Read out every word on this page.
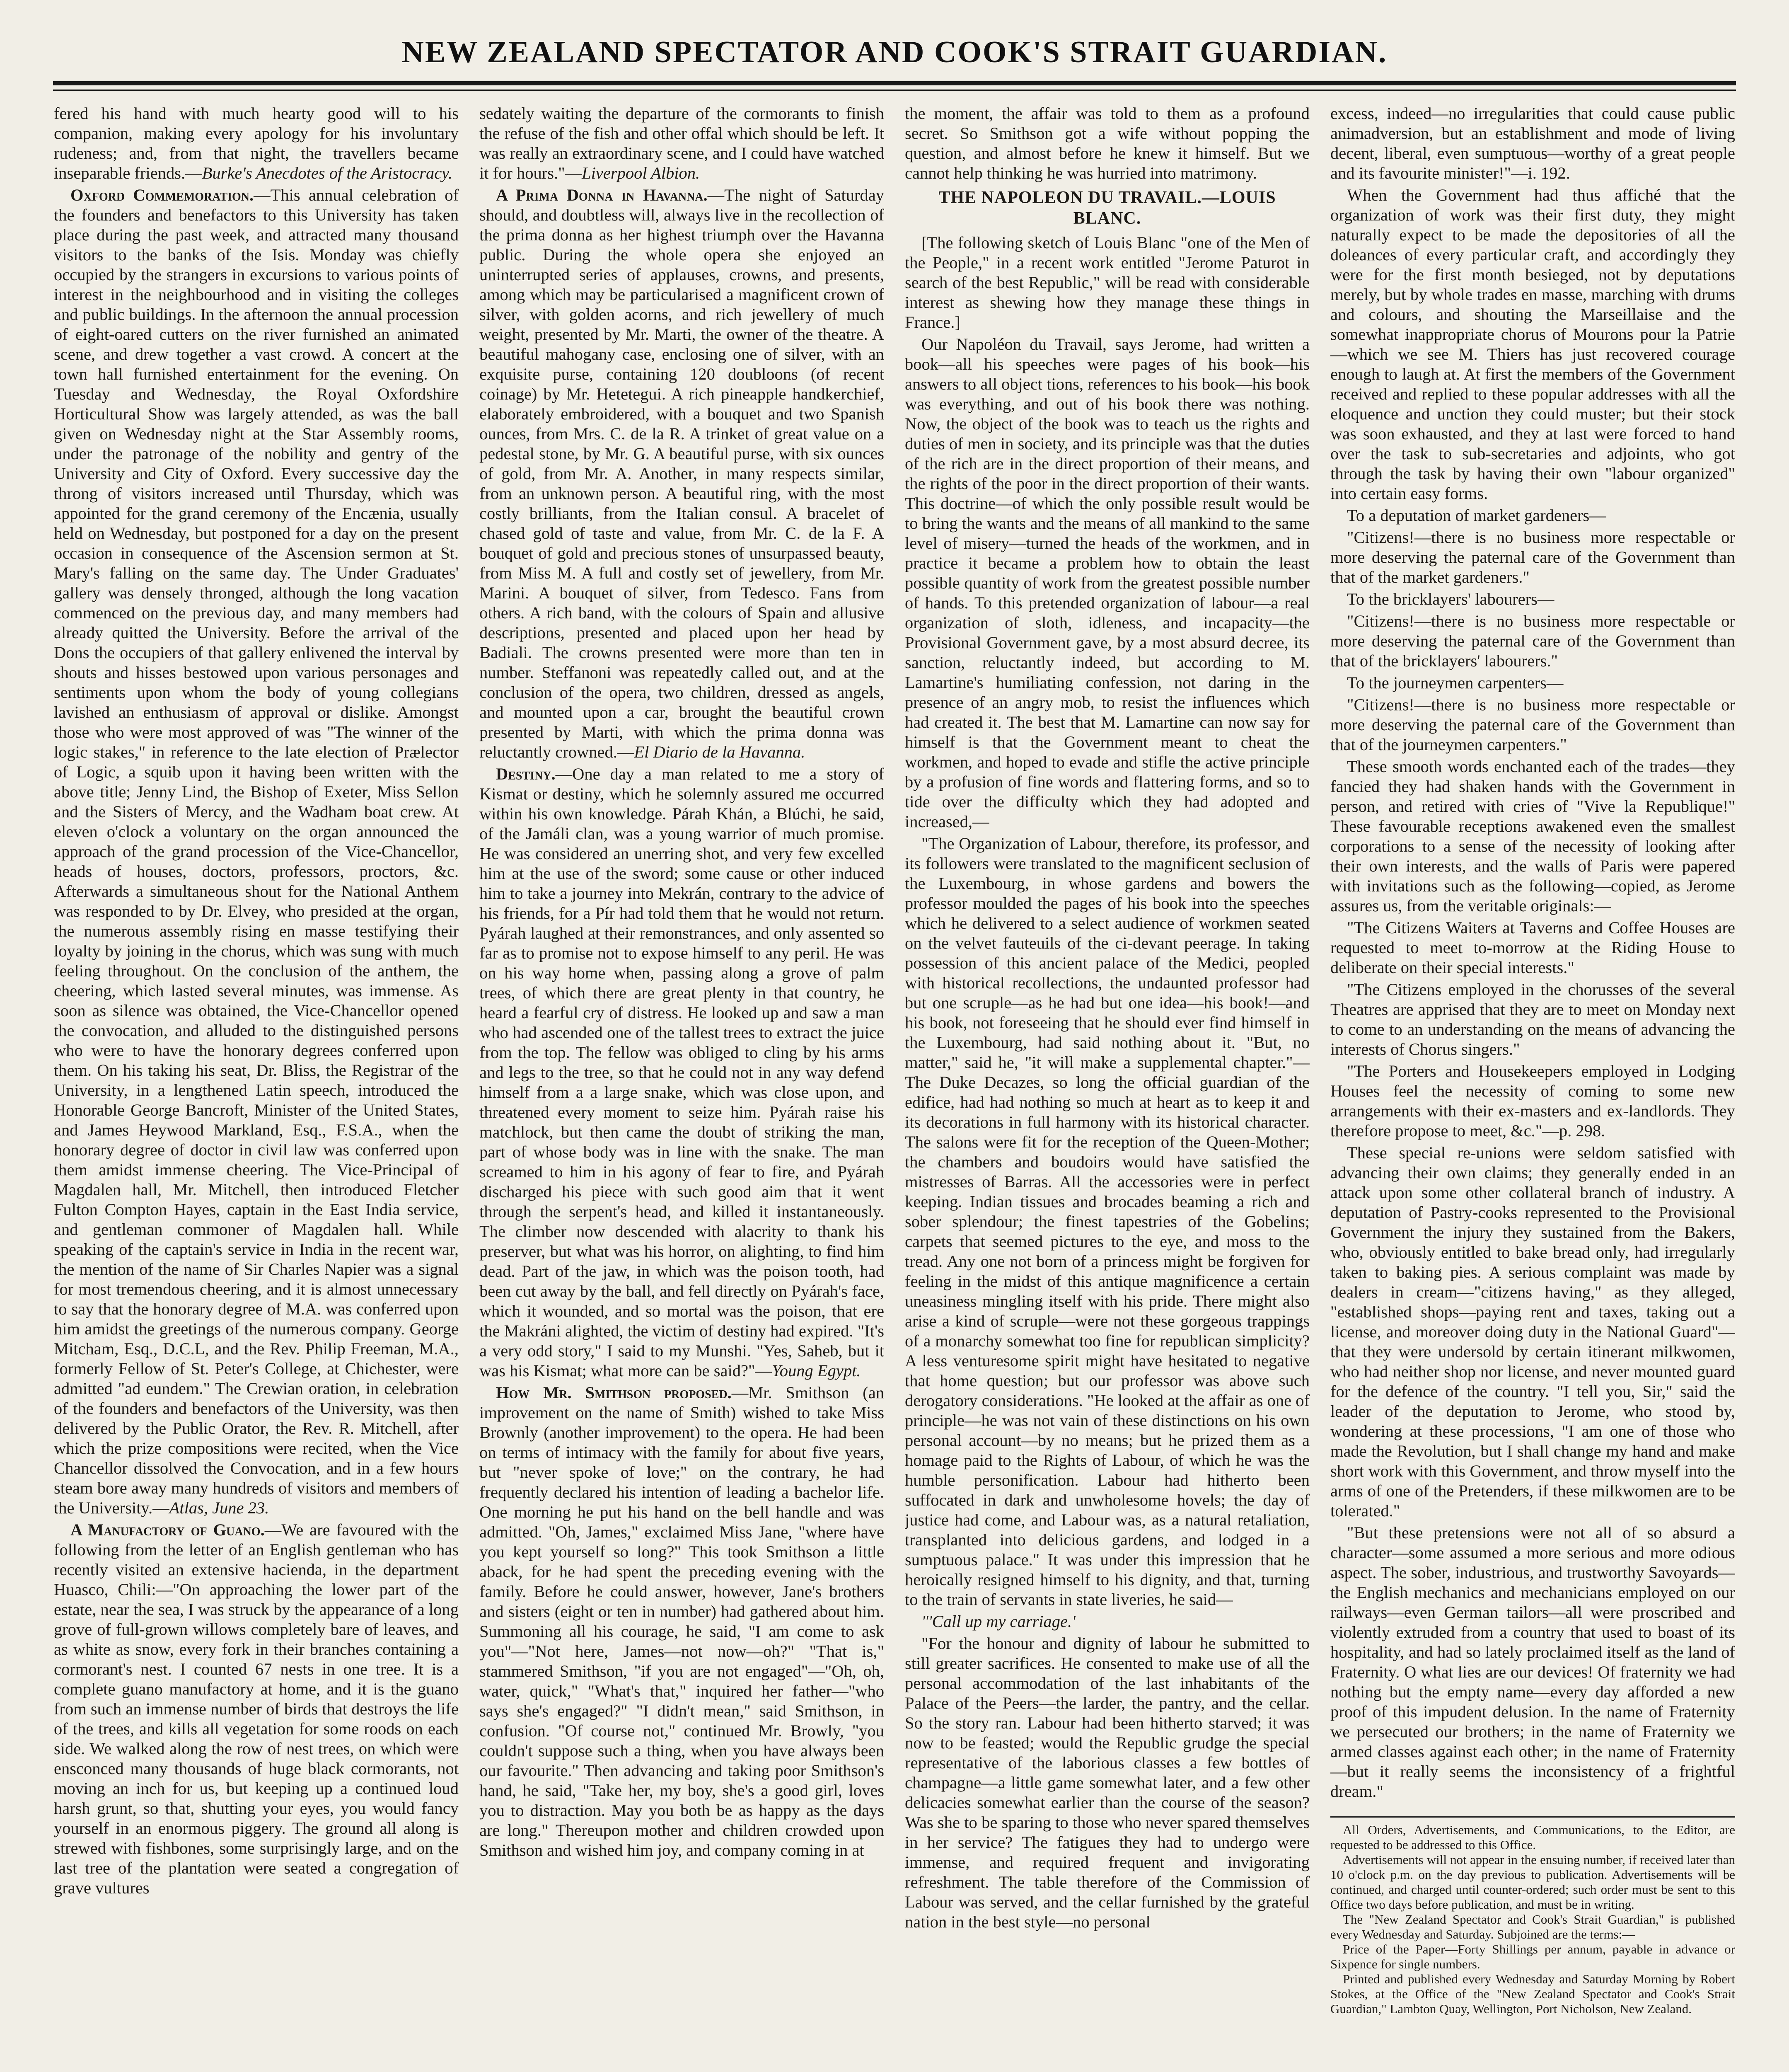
NEW ZEALAND SPECTATOR AND COOK'S STRAIT GUARDIAN.

fered his hand with much hearty good will to his companion, making every apology for his involuntary rudeness; and, from that night, the travellers became inseparable friends.—Burke's Anecdotes of the Aristocracy.

Oxford Commemoration.—This annual celebration of the founders and benefactors to this University has taken place during the past week, and attracted many thousand visitors to the banks of the Isis. Monday was chiefly occupied by the strangers in excursions to various points of interest in the neighbourhood and in visiting the colleges and public buildings. In the afternoon the annual procession of eight-oared cutters on the river furnished an animated scene, and drew together a vast crowd. A concert at the town hall furnished entertainment for the evening. On Tuesday and Wednesday, the Royal Oxfordshire Horticultural Show was largely attended, as was the ball given on Wednesday night at the Star Assembly rooms, under the patronage of the nobility and gentry of the University and City of Oxford. Every successive day the throng of visitors increased until Thursday, which was appointed for the grand ceremony of the Encænia, usually held on Wednesday, but postponed for a day on the present occasion in consequence of the Ascension sermon at St. Mary's falling on the same day. The Under Graduates' gallery was densely thronged, although the long vacation commenced on the previous day, and many members had already quitted the University. Before the arrival of the Dons the occupiers of that gallery enlivened the interval by shouts and hisses bestowed upon various personages and sentiments upon whom the body of young collegians lavished an enthusiasm of approval or dislike. Amongst those who were most approved of was "The winner of the logic stakes," in reference to the late election of Prælector of Logic, a squib upon it having been written with the above title; Jenny Lind, the Bishop of Exeter, Miss Sellon and the Sisters of Mercy, and the Wadham boat crew. At eleven o'clock a voluntary on the organ announced the approach of the grand procession of the Vice-Chancellor, heads of houses, doctors, professors, proctors, &c. Afterwards a simultaneous shout for the National Anthem was responded to by Dr. Elvey, who presided at the organ, the numerous assembly rising en masse testifying their loyalty by joining in the chorus, which was sung with much feeling throughout. On the conclusion of the anthem, the cheering, which lasted several minutes, was immense. As soon as silence was obtained, the Vice-Chancellor opened the convocation, and alluded to the distinguished persons who were to have the honorary degrees conferred upon them. On his taking his seat, Dr. Bliss, the Registrar of the University, in a lengthened Latin speech, introduced the Honorable George Bancroft, Minister of the United States, and James Heywood Markland, Esq., F.S.A., when the honorary degree of doctor in civil law was conferred upon them amidst immense cheering. The Vice-Principal of Magdalen hall, Mr. Mitchell, then introduced Fletcher Fulton Compton Hayes, captain in the East India service, and gentleman commoner of Magdalen hall. While speaking of the captain's service in India in the recent war, the mention of the name of Sir Charles Napier was a signal for most tremendous cheering, and it is almost unnecessary to say that the honorary degree of M.A. was conferred upon him amidst the greetings of the numerous company. George Mitcham, Esq., D.C.L, and the Rev. Philip Freeman, M.A., formerly Fellow of St. Peter's College, at Chichester, were admitted "ad eundem." The Crewian oration, in celebration of the founders and benefactors of the University, was then delivered by the Public Orator, the Rev. R. Mitchell, after which the prize compositions were recited, when the Vice Chancellor dissolved the Convocation, and in a few hours steam bore away many hundreds of visitors and members of the University.—Atlas, June 23.

A Manufactory of Guano.—We are favoured with the following from the letter of an English gentleman who has recently visited an extensive hacienda, in the department Huasco, Chili:—"On approaching the lower part of the estate, near the sea, I was struck by the appearance of a long grove of full-grown willows completely bare of leaves, and as white as snow, every fork in their branches containing a cormorant's nest. I counted 67 nests in one tree. It is a complete guano manufactory at home, and it is the guano from such an immense number of birds that destroys the life of the trees, and kills all vegetation for some roods on each side. We walked along the row of nest trees, on which were ensconced many thousands of huge black cormorants, not moving an inch for us, but keeping up a continued loud harsh grunt, so that, shutting your eyes, you would fancy yourself in an enormous piggery. The ground all along is strewed with fishbones, some surprisingly large, and on the last tree of the plantation were seated a congregation of grave vultures

sedately waiting the departure of the cormorants to finish the refuse of the fish and other offal which should be left. It was really an extraordinary scene, and I could have watched it for hours."—Liverpool Albion.

A Prima Donna in Havanna.—The night of Saturday should, and doubtless will, always live in the recollection of the prima donna as her highest triumph over the Havanna public. During the whole opera she enjoyed an uninterrupted series of applauses, crowns, and presents, among which may be particularised a magnificent crown of silver, with golden acorns, and rich jewellery of much weight, presented by Mr. Marti, the owner of the theatre. A beautiful mahogany case, enclosing one of silver, with an exquisite purse, containing 120 doubloons (of recent coinage) by Mr. Hetetegui. A rich pineapple handkerchief, elaborately embroidered, with a bouquet and two Spanish ounces, from Mrs. C. de la R. A trinket of great value on a pedestal stone, by Mr. G. A beautiful purse, with six ounces of gold, from Mr. A. Another, in many respects similar, from an unknown person. A beautiful ring, with the most costly brilliants, from the Italian consul. A bracelet of chased gold of taste and value, from Mr. C. de la F. A bouquet of gold and precious stones of unsurpassed beauty, from Miss M. A full and costly set of jewellery, from Mr. Marini. A bouquet of silver, from Tedesco. Fans from others. A rich band, with the colours of Spain and allusive descriptions, presented and placed upon her head by Badiali. The crowns presented were more than ten in number. Steffanoni was repeatedly called out, and at the conclusion of the opera, two children, dressed as angels, and mounted upon a car, brought the beautiful crown presented by Marti, with which the prima donna was reluctantly crowned.—El Diario de la Havanna.

Destiny.—One day a man related to me a story of Kismat or destiny, which he solemnly assured me occurred within his own knowledge. Párah Khán, a Blúchi, he said, of the Jamáli clan, was a young warrior of much promise. He was considered an unerring shot, and very few excelled him at the use of the sword; some cause or other induced him to take a journey into Mekrán, contrary to the advice of his friends, for a Pír had told them that he would not return. Pyárah laughed at their remonstrances, and only assented so far as to promise not to expose himself to any peril. He was on his way home when, passing along a grove of palm trees, of which there are great plenty in that country, he heard a fearful cry of distress. He looked up and saw a man who had ascended one of the tallest trees to extract the juice from the top. The fellow was obliged to cling by his arms and legs to the tree, so that he could not in any way defend himself from a a large snake, which was close upon, and threatened every moment to seize him. Pyárah raise his matchlock, but then came the doubt of striking the man, part of whose body was in line with the snake. The man screamed to him in his agony of fear to fire, and Pyárah discharged his piece with such good aim that it went through the serpent's head, and killed it instantaneously. The climber now descended with alacrity to thank his preserver, but what was his horror, on alighting, to find him dead. Part of the jaw, in which was the poison tooth, had been cut away by the ball, and fell directly on Pyárah's face, which it wounded, and so mortal was the poison, that ere the Makráni alighted, the victim of destiny had expired. "It's a very odd story," I said to my Munshi. "Yes, Saheb, but it was his Kismat; what more can be said?"—Young Egypt.

How Mr. Smithson proposed.—Mr. Smithson (an improvement on the name of Smith) wished to take Miss Brownly (another improvement) to the opera. He had been on terms of intimacy with the family for about five years, but "never spoke of love;" on the contrary, he had frequently declared his intention of leading a bachelor life. One morning he put his hand on the bell handle and was admitted. "Oh, James," exclaimed Miss Jane, "where have you kept yourself so long?" This took Smithson a little aback, for he had spent the preceding evening with the family. Before he could answer, however, Jane's brothers and sisters (eight or ten in number) had gathered about him. Summoning all his courage, he said, "I am come to ask you"—"Not here, James—not now—oh?" "That is," stammered Smithson, "if you are not engaged"—"Oh, oh, water, quick," "What's that," inquired her father—"who says she's engaged?" "I didn't mean," said Smithson, in confusion. "Of course not," continued Mr. Browly, "you couldn't suppose such a thing, when you have always been our favourite." Then advancing and taking poor Smithson's hand, he said, "Take her, my boy, she's a good girl, loves you to distraction. May you both be as happy as the days are long." Thereupon mother and children crowded upon Smithson and wished him joy, and company coming in at

the moment, the affair was told to them as a profound secret. So Smithson got a wife without popping the question, and almost before he knew it himself. But we cannot help thinking he was hurried into matrimony.

THE NAPOLEON DU TRAVAIL.—LOUIS BLANC.

[The following sketch of Louis Blanc "one of the Men of the People," in a recent work entitled "Jerome Paturot in search of the best Republic," will be read with considerable interest as shewing how they manage these things in France.]

Our Napoléon du Travail, says Jerome, had written a book—all his speeches were pages of his book—his answers to all object tions, references to his book—his book was everything, and out of his book there was nothing. Now, the object of the book was to teach us the rights and duties of men in society, and its principle was that the duties of the rich are in the direct proportion of their means, and the rights of the poor in the direct proportion of their wants. This doctrine—of which the only possible result would be to bring the wants and the means of all mankind to the same level of misery—turned the heads of the workmen, and in practice it became a problem how to obtain the least possible quantity of work from the greatest possible number of hands. To this pretended organization of labour—a real organization of sloth, idleness, and incapacity—the Provisional Government gave, by a most absurd decree, its sanction, reluctantly indeed, but according to M. Lamartine's humiliating confession, not daring in the presence of an angry mob, to resist the influences which had created it. The best that M. Lamartine can now say for himself is that the Government meant to cheat the workmen, and hoped to evade and stifle the active principle by a profusion of fine words and flattering forms, and so to tide over the difficulty which they had adopted and increased,—

"The Organization of Labour, therefore, its professor, and its followers were translated to the magnificent seclusion of the Luxembourg, in whose gardens and bowers the professor moulded the pages of his book into the speeches which he delivered to a select audience of workmen seated on the velvet fauteuils of the ci-devant peerage. In taking possession of this ancient palace of the Medici, peopled with historical recollections, the undaunted professor had but one scruple—as he had but one idea—his book!—and his book, not foreseeing that he should ever find himself in the Luxembourg, had said nothing about it. "But, no matter," said he, "it will make a supplemental chapter."—The Duke Decazes, so long the official guardian of the edifice, had had nothing so much at heart as to keep it and its decorations in full harmony with its historical character. The salons were fit for the reception of the Queen-Mother; the chambers and boudoirs would have satisfied the mistresses of Barras. All the accessories were in perfect keeping. Indian tissues and brocades beaming a rich and sober splendour; the finest tapestries of the Gobelins; carpets that seemed pictures to the eye, and moss to the tread. Any one not born of a princess might be forgiven for feeling in the midst of this antique magnificence a certain uneasiness mingling itself with his pride. There might also arise a kind of scruple—were not these gorgeous trappings of a monarchy somewhat too fine for republican simplicity? A less venturesome spirit might have hesitated to negative that home question; but our professor was above such derogatory considerations. "He looked at the affair as one of principle—he was not vain of these distinctions on his own personal account—by no means; but he prized them as a homage paid to the Rights of Labour, of which he was the humble personification. Labour had hitherto been suffocated in dark and unwholesome hovels; the day of justice had come, and Labour was, as a natural retaliation, transplanted into delicious gardens, and lodged in a sumptuous palace." It was under this impression that he heroically resigned himself to his dignity, and that, turning to the train of servants in state liveries, he said—

"'Call up my carriage.'

"For the honour and dignity of labour he submitted to still greater sacrifices. He consented to make use of all the personal accommodation of the last inhabitants of the Palace of the Peers—the larder, the pantry, and the cellar. So the story ran. Labour had been hitherto starved; it was now to be feasted; would the Republic grudge the special representative of the laborious classes a few bottles of champagne—a little game somewhat later, and a few other delicacies somewhat earlier than the course of the season? Was she to be sparing to those who never spared themselves in her service? The fatigues they had to undergo were immense, and required frequent and invigorating refreshment. The table therefore of the Commission of Labour was served, and the cellar furnished by the grateful nation in the best style—no personal

excess, indeed—no irregularities that could cause public animadversion, but an establishment and mode of living decent, liberal, even sumptuous—worthy of a great people and its favourite minister!"—i. 192.

When the Government had thus affiché that the organization of work was their first duty, they might naturally expect to be made the depositories of all the doleances of every particular craft, and accordingly they were for the first month besieged, not by deputations merely, but by whole trades en masse, marching with drums and colours, and shouting the Marseillaise and the somewhat inappropriate chorus of Mourons pour la Patrie—which we see M. Thiers has just recovered courage enough to laugh at. At first the members of the Government received and replied to these popular addresses with all the eloquence and unction they could muster; but their stock was soon exhausted, and they at last were forced to hand over the task to sub-secretaries and adjoints, who got through the task by having their own "labour organized" into certain easy forms.

To a deputation of market gardeners—

"Citizens!—there is no business more respectable or more deserving the paternal care of the Government than that of the market gardeners."

To the bricklayers' labourers—

"Citizens!—there is no business more respectable or more deserving the paternal care of the Government than that of the bricklayers' labourers."

To the journeymen carpenters—

"Citizens!—there is no business more respectable or more deserving the paternal care of the Government than that of the journeymen carpenters."

These smooth words enchanted each of the trades—they fancied they had shaken hands with the Government in person, and retired with cries of "Vive la Republique!" These favourable receptions awakened even the smallest corporations to a sense of the necessity of looking after their own interests, and the walls of Paris were papered with invitations such as the following—copied, as Jerome assures us, from the veritable originals:—

"The Citizens Waiters at Taverns and Coffee Houses are requested to meet to-morrow at the Riding House to deliberate on their special interests."

"The Citizens employed in the chorusses of the several Theatres are apprised that they are to meet on Monday next to come to an understanding on the means of advancing the interests of Chorus singers."

"The Porters and Housekeepers employed in Lodging Houses feel the necessity of coming to some new arrangements with their ex-masters and ex-landlords. They therefore propose to meet, &c."—p. 298.

These special re-unions were seldom satisfied with advancing their own claims; they generally ended in an attack upon some other collateral branch of industry. A deputation of Pastry-cooks represented to the Provisional Government the injury they sustained from the Bakers, who, obviously entitled to bake bread only, had irregularly taken to baking pies. A serious complaint was made by dealers in cream—"citizens having," as they alleged, "established shops—paying rent and taxes, taking out a license, and moreover doing duty in the National Guard"—that they were undersold by certain itinerant milkwomen, who had neither shop nor license, and never mounted guard for the defence of the country. "I tell you, Sir," said the leader of the deputation to Jerome, who stood by, wondering at these processions, "I am one of those who made the Revolution, but I shall change my hand and make short work with this Government, and throw myself into the arms of one of the Pretenders, if these milkwomen are to be tolerated."

"But these pretensions were not all of so absurd a character—some assumed a more serious and more odious aspect. The sober, industrious, and trustworthy Savoyards—the English mechanics and mechanicians employed on our railways—even German tailors—all were proscribed and violently extruded from a country that used to boast of its hospitality, and had so lately proclaimed itself as the land of Fraternity. O what lies are our devices! Of fraternity we had nothing but the empty name—every day afforded a new proof of this impudent delusion. In the name of Fraternity we persecuted our brothers; in the name of Fraternity we armed classes against each other; in the name of Fraternity—but it really seems the inconsistency of a frightful dream."

All Orders, Advertisements, and Communications, to the Editor, are requested to be addressed to this Office.

Advertisements will not appear in the ensuing number, if received later than 10 o'clock p.m. on the day previous to publication. Advertisements will be continued, and charged until counter-ordered; such order must be sent to this Office two days before publication, and must be in writing.

The "New Zealand Spectator and Cook's Strait Guardian," is published every Wednesday and Saturday. Subjoined are the terms:—

Price of the Paper—Forty Shillings per annum, payable in advance or Sixpence for single numbers.

Printed and published every Wednesday and Saturday Morning by Robert Stokes, at the Office of the "New Zealand Spectator and Cook's Strait Guardian," Lambton Quay, Wellington, Port Nicholson, New Zealand.
